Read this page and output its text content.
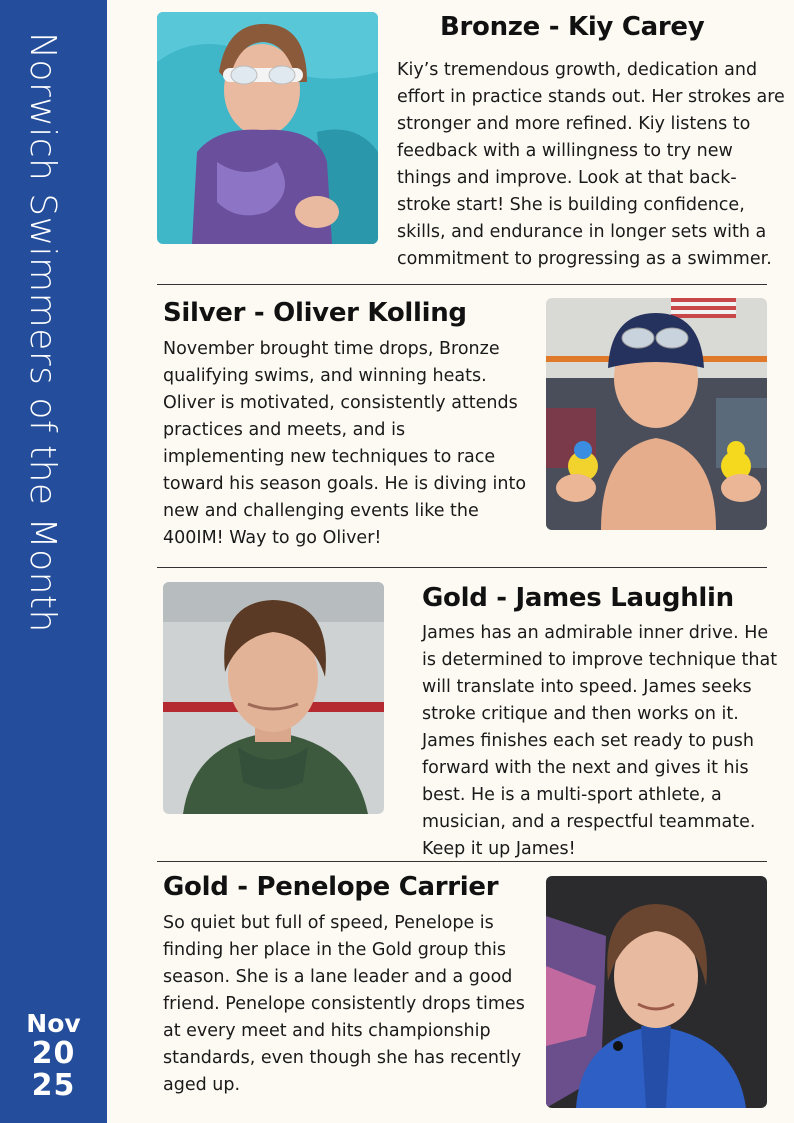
Norwich Swimmers of the Month
Nov
20
25
Bronze - Kiy Carey
Kiy’s tremendous growth, dedication and effort in practice stands out. Her strokes are stronger and more refined. Kiy listens to feedback with a willingness to try new things and improve. Look at that back-stroke start! She is building confidence, skills, and endurance in longer sets with a commitment to progressing as a swimmer.
Silver - Oliver Kolling
November brought time drops, Bronze qualifying swims, and winning heats. Oliver is motivated, consistently attends practices and meets, and is implementing new techniques to race toward his season goals. He is diving into new and challenging events like the 400IM! Way to go Oliver!
Gold - James Laughlin
James has an admirable inner drive. He is determined to improve technique that will translate into speed. James seeks stroke critique and then works on it. James finishes each set ready to push forward with the next and gives it his best. He is a multi-sport athlete, a musician, and a respectful teammate. Keep it up James!
Gold - Penelope Carrier
So quiet but full of speed, Penelope is finding her place in the Gold group this season. She is a lane leader and a good friend. Penelope consistently drops times at every meet and hits championship standards, even though she has recently aged up.
